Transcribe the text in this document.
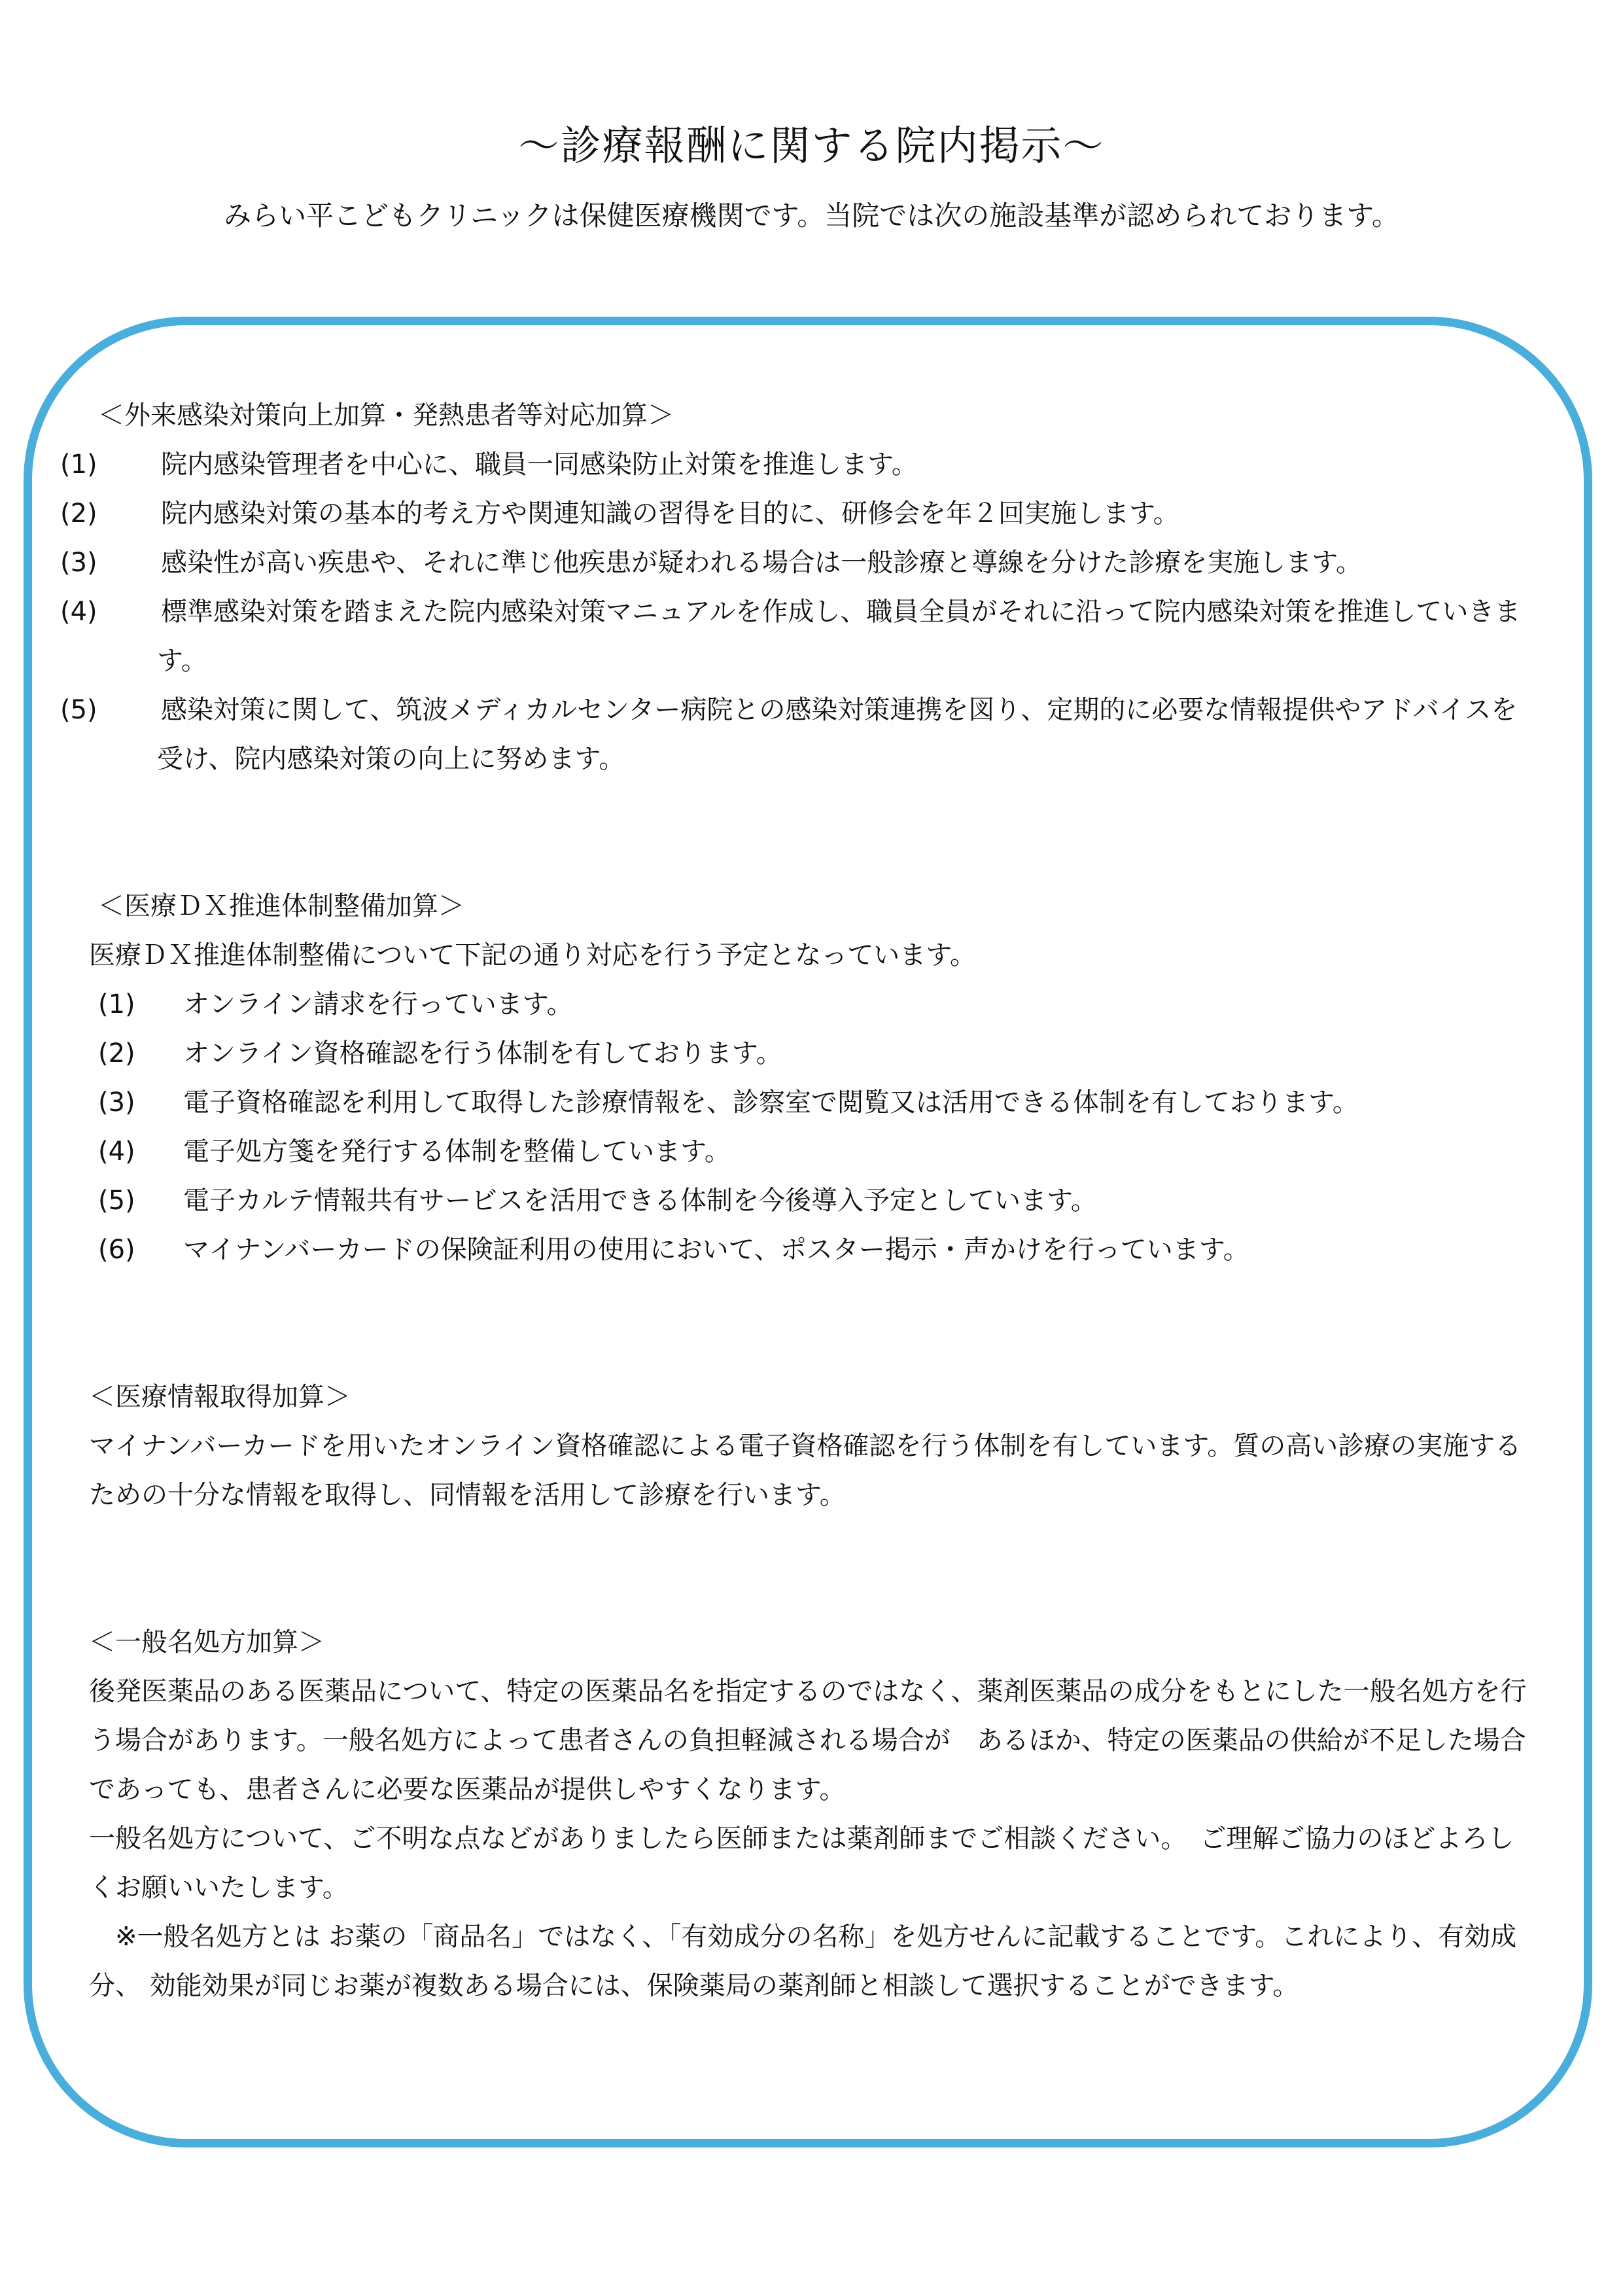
〜診療報酬に関する院内掲示〜

みらい平こどもクリニックは保健医療機関です。当院では次の施設基準が認められております。

＜外来感染対策向上加算・発熱患者等対応加算＞

(1) 院内感染管理者を中心に、職員一同感染防止対策を推進します。

(2) 院内感染対策の基本的考え方や関連知識の習得を目的に、研修会を年２回実施します。

(3) 感染性が高い疾患や、それに準じ他疾患が疑われる場合は一般診療と導線を分けた診療を実施します。

(4) 標準感染対策を踏まえた院内感染対策マニュアルを作成し、職員全員がそれに沿って院内感染対策を推進していきます。

(5) 感染対策に関して、筑波メディカルセンター病院との感染対策連携を図り、定期的に必要な情報提供やアドバイスを受け、院内感染対策の向上に努めます。

＜医療ＤＸ推進体制整備加算＞

医療ＤＸ推進体制整備について下記の通り対応を行う予定となっています。

(1) オンライン請求を行っています。

(2) オンライン資格確認を行う体制を有しております。

(3) 電子資格確認を利用して取得した診療情報を、診察室で閲覧又は活用できる体制を有しております。

(4) 電子処方箋を発行する体制を整備しています。

(5) 電子カルテ情報共有サービスを活用できる体制を今後導入予定としています。

(6) マイナンバーカードの保険証利用の使用において、ポスター掲示・声かけを行っています。

＜医療情報取得加算＞

マイナンバーカードを用いたオンライン資格確認による電子資格確認を行う体制を有しています。質の高い診療の実施するための十分な情報を取得し、同情報を活用して診療を行います。

＜一般名処方加算＞

後発医薬品のある医薬品について、特定の医薬品名を指定するのではなく、薬剤医薬品の成分をもとにした一般名処方を行う場合があります。一般名処方によって患者さんの負担軽減される場合が　あるほか、特定の医薬品の供給が不足した場合であっても、患者さんに必要な医薬品が提供しやすくなります。

一般名処方について、ご不明な点などがありましたら医師または薬剤師までご相談ください。　ご理解ご協力のほどよろしくお願いいたします。

　※一般名処方とは お薬の「商品名」ではなく、「有効成分の名称」を処方せんに記載することです。これにより、有効成分、 効能効果が同じお薬が複数ある場合には、保険薬局の薬剤師と相談して選択することができます。
